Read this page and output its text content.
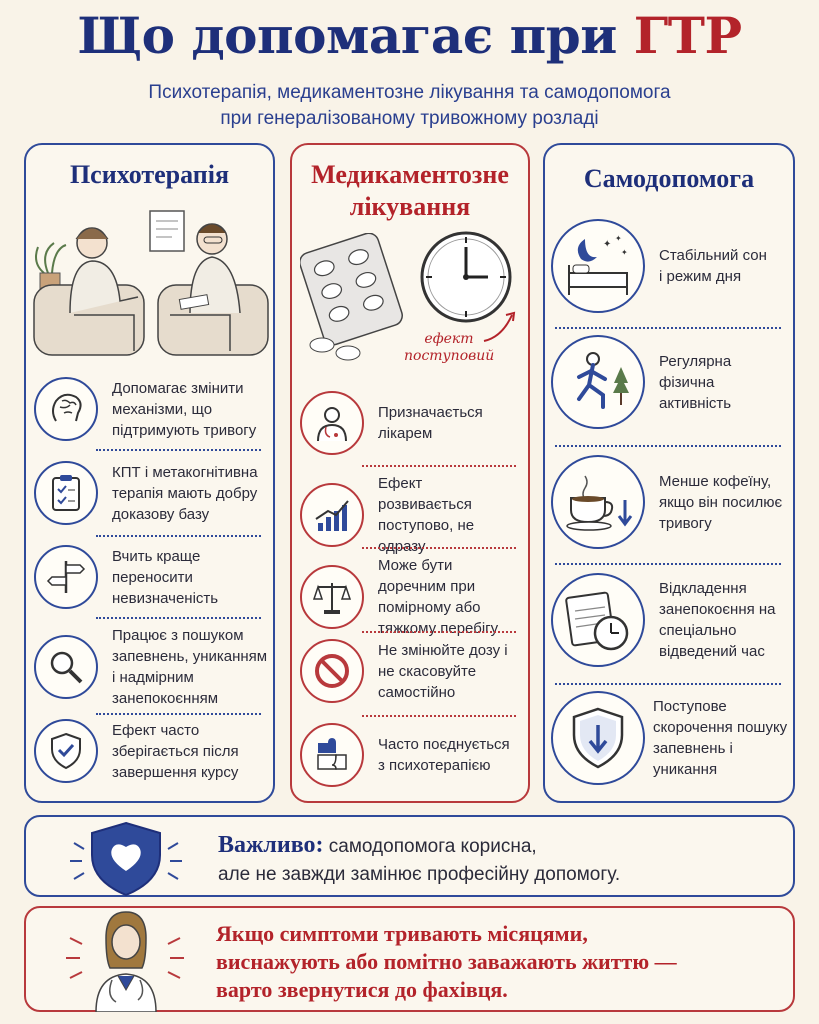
Що допомагає при ГТР
Психотерапія, медикаментозне лікування та самодопомога
при генералізованому тривожному розладі
Психотерапія
Допомагає змінити механізми, що підтримують тривогу
КПТ і метакогнітивна терапія мають добру доказову базу
Вчить краще переносити невизначеність
Працює з пошуком запевнень, униканням і надмірним занепокоєнням
Ефект часто зберігається після завершення курсу
Медикаментозне
лікування
ефект
поступовий
Призначається лікарем
Ефект розвивається поступово, не одразу
Може бути доречним при помірному або тяжкому перебігу
Не змінюйте дозу і не скасовуйте самостійно
Часто поєднується з психотерапією
Самодопомога
✦
✦
✦ Стабільний сон і режим дня
Регулярна фізична активність
Менше кофеїну, якщо він посилює тривогу
Відкладення занепокоєння на спеціально відведений час
Поступове скорочення пошуку запевнень і уникання
Важливо: самодопомога корисна,
але не завжди замінює професійну допомогу.
Якщо симптоми тривають місяцями,
виснажують або помітно заважають життю —
варто звернутися до фахівця.
